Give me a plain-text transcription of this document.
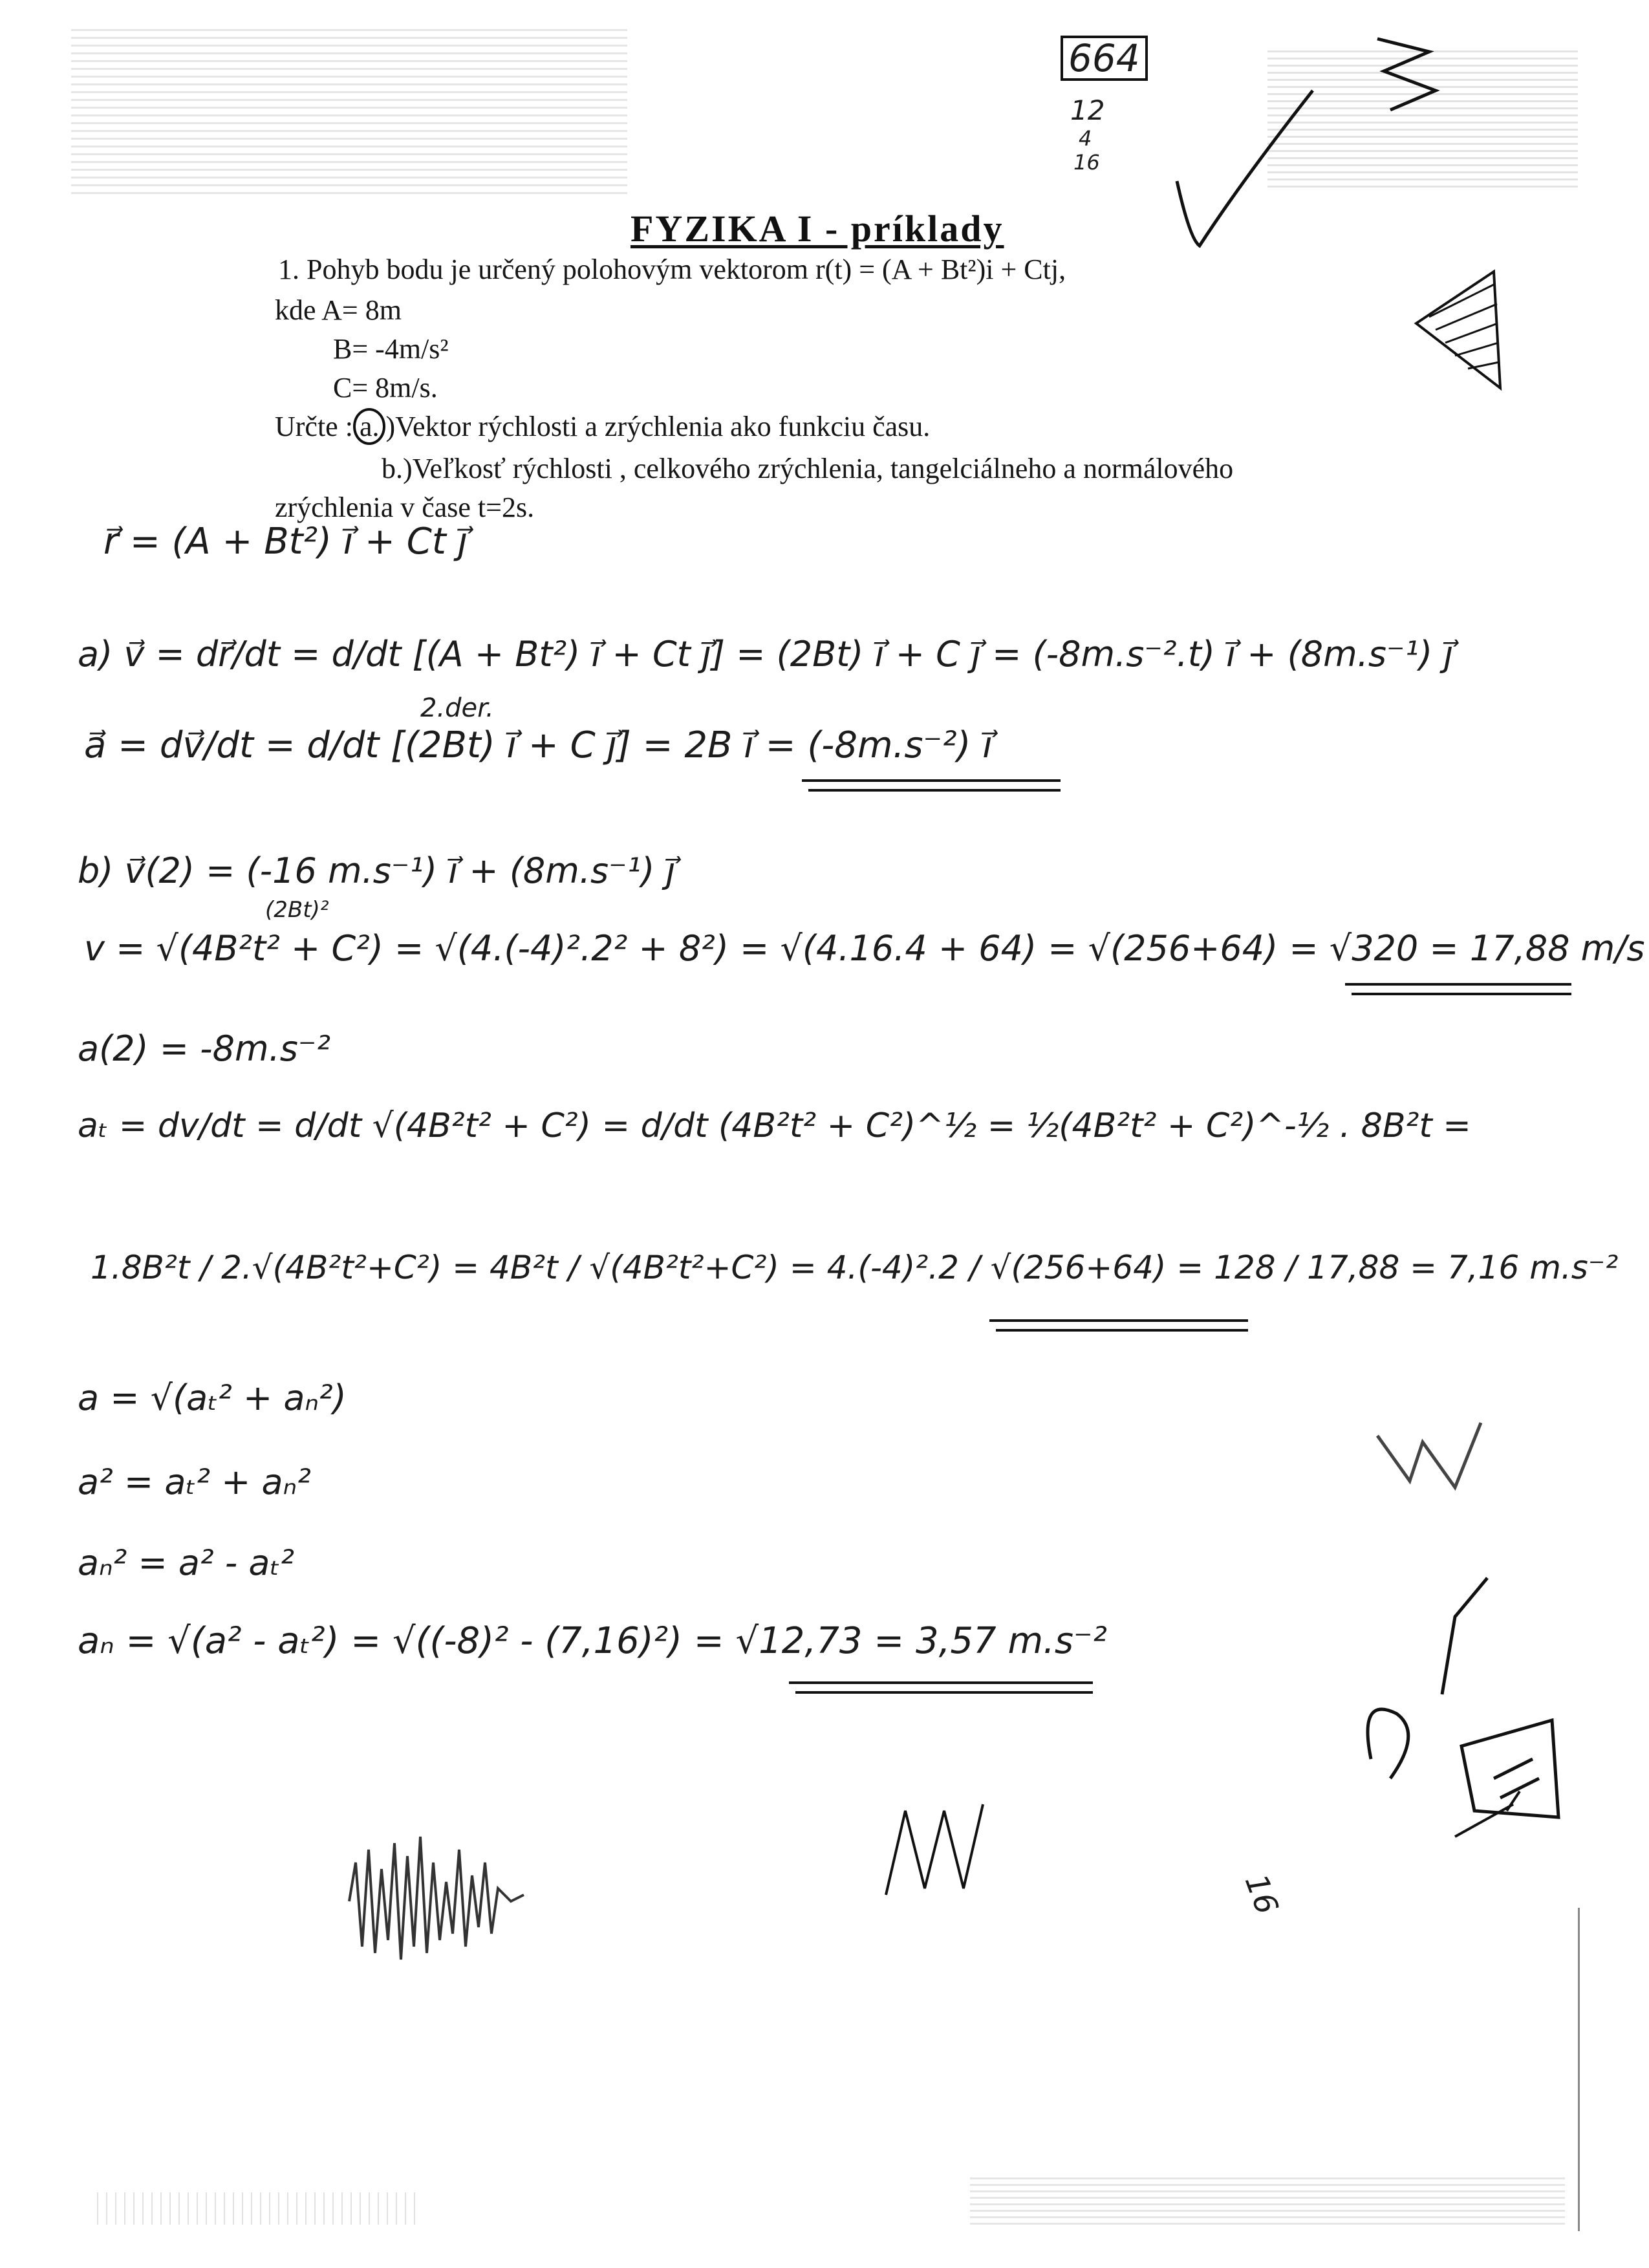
664
12
4
16
16
FYZIKA I - príklady
1. Pohyb bodu je určený polohovým vektorom r(t) = (A + Bt²)i + Ctj,
kde A= 8m
B= -4m/s²
C= 8m/s.
Určte : a. )Vektor rýchlosti a zrýchlenia ako funkciu času.
b.)Veľkosť rýchlosti , celkového zrýchlenia, tangelciálneho a normálového
zrýchlenia v čase t=2s.
r⃗ = (A + Bt²) i⃗ + Ct j⃗
a) v⃗ = dr⃗/dt = d/dt [(A + Bt²) i⃗ + Ct j⃗] = (2Bt) i⃗ + C j⃗ = (-8m.s⁻².t) i⃗ + (8m.s⁻¹) j⃗
2.der.
a⃗ = dv⃗/dt = d/dt [(2Bt) i⃗ + C j⃗] = 2B i⃗ = (-8m.s⁻²) i⃗
b) v⃗(2) = (-16 m.s⁻¹) i⃗ + (8m.s⁻¹) j⃗
(2Bt)²
v = √(4B²t² + C²) = √(4.(-4)².2² + 8²) = √(4.16.4 + 64) = √(256+64) = √320 = 17,88 m/s
a(2) = -8m.s⁻²
aₜ = dv/dt = d/dt √(4B²t² + C²) = d/dt (4B²t² + C²)^½ = ½(4B²t² + C²)^-½ . 8B²t =
1.8B²t / 2.√(4B²t²+C²) = 4B²t / √(4B²t²+C²) = 4.(-4)².2 / √(256+64) = 128 / 17,88 = 7,16 m.s⁻²
a = √(aₜ² + aₙ²)
a² = aₜ² + aₙ²
aₙ² = a² - aₜ²
aₙ = √(a² - aₜ²) = √((-8)² - (7,16)²) = √12,73 = 3,57 m.s⁻²
